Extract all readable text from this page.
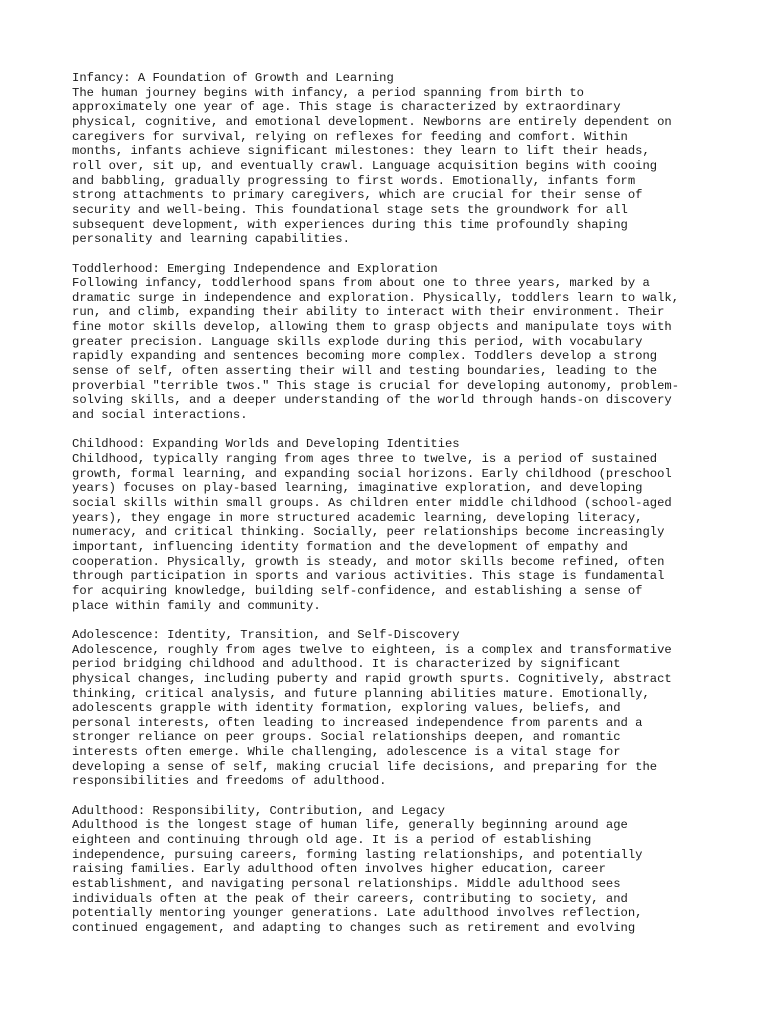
Infancy: A Foundation of Growth and Learning
The human journey begins with infancy, a period spanning from birth to
approximately one year of age. This stage is characterized by extraordinary
physical, cognitive, and emotional development. Newborns are entirely dependent on
caregivers for survival, relying on reflexes for feeding and comfort. Within
months, infants achieve significant milestones: they learn to lift their heads,
roll over, sit up, and eventually crawl. Language acquisition begins with cooing
and babbling, gradually progressing to first words. Emotionally, infants form
strong attachments to primary caregivers, which are crucial for their sense of
security and well-being. This foundational stage sets the groundwork for all
subsequent development, with experiences during this time profoundly shaping
personality and learning capabilities.
Toddlerhood: Emerging Independence and Exploration
Following infancy, toddlerhood spans from about one to three years, marked by a
dramatic surge in independence and exploration. Physically, toddlers learn to walk,
run, and climb, expanding their ability to interact with their environment. Their
fine motor skills develop, allowing them to grasp objects and manipulate toys with
greater precision. Language skills explode during this period, with vocabulary
rapidly expanding and sentences becoming more complex. Toddlers develop a strong
sense of self, often asserting their will and testing boundaries, leading to the
proverbial "terrible twos." This stage is crucial for developing autonomy, problem-
solving skills, and a deeper understanding of the world through hands-on discovery
and social interactions.
Childhood: Expanding Worlds and Developing Identities
Childhood, typically ranging from ages three to twelve, is a period of sustained
growth, formal learning, and expanding social horizons. Early childhood (preschool
years) focuses on play-based learning, imaginative exploration, and developing
social skills within small groups. As children enter middle childhood (school-aged
years), they engage in more structured academic learning, developing literacy,
numeracy, and critical thinking. Socially, peer relationships become increasingly
important, influencing identity formation and the development of empathy and
cooperation. Physically, growth is steady, and motor skills become refined, often
through participation in sports and various activities. This stage is fundamental
for acquiring knowledge, building self-confidence, and establishing a sense of
place within family and community.
Adolescence: Identity, Transition, and Self-Discovery
Adolescence, roughly from ages twelve to eighteen, is a complex and transformative
period bridging childhood and adulthood. It is characterized by significant
physical changes, including puberty and rapid growth spurts. Cognitively, abstract
thinking, critical analysis, and future planning abilities mature. Emotionally,
adolescents grapple with identity formation, exploring values, beliefs, and
personal interests, often leading to increased independence from parents and a
stronger reliance on peer groups. Social relationships deepen, and romantic
interests often emerge. While challenging, adolescence is a vital stage for
developing a sense of self, making crucial life decisions, and preparing for the
responsibilities and freedoms of adulthood.
Adulthood: Responsibility, Contribution, and Legacy
Adulthood is the longest stage of human life, generally beginning around age
eighteen and continuing through old age. It is a period of establishing
independence, pursuing careers, forming lasting relationships, and potentially
raising families. Early adulthood often involves higher education, career
establishment, and navigating personal relationships. Middle adulthood sees
individuals often at the peak of their careers, contributing to society, and
potentially mentoring younger generations. Late adulthood involves reflection,
continued engagement, and adapting to changes such as retirement and evolving
